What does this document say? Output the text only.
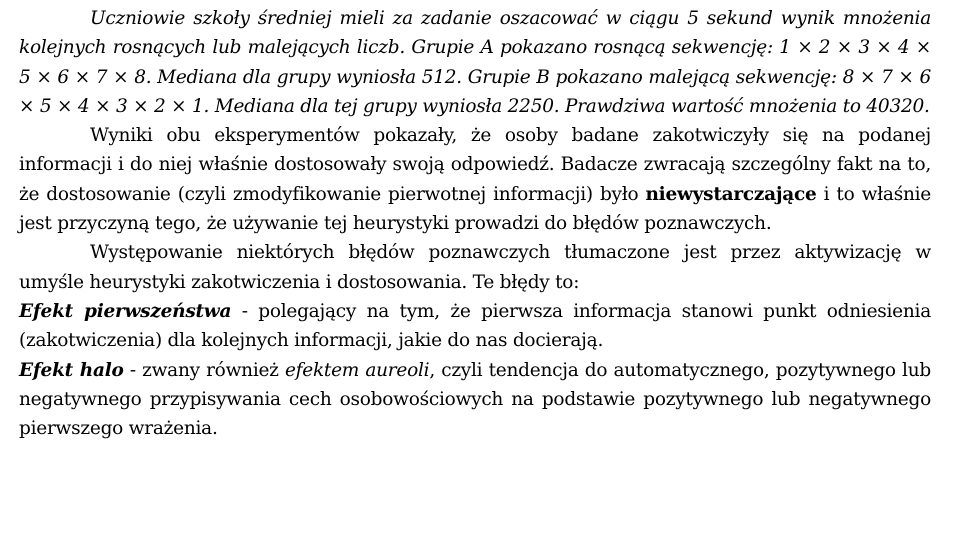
Uczniowie szkoły średniej mieli za zadanie oszacować w ciągu 5 sekund wynik mnożenia kolejnych rosnących lub malejących liczb. Grupie A pokazano rosnącą sekwencję: 1 × 2 × 3 × 4 × 5 × 6 × 7 × 8. Mediana dla grupy wyniosła 512. Grupie B pokazano malejącą sekwencję: 8 × 7 × 6 × 5 × 4 × 3 × 2 × 1. Mediana dla tej grupy wyniosła 2250. Prawdziwa wartość mnożenia to 40320.

Wyniki obu eksperymentów pokazały, że osoby badane zakotwiczyły się na podanej informacji i do niej właśnie dostosowały swoją odpowiedź. Badacze zwracają szczególny fakt na to, że dostosowanie (czyli zmodyfikowanie pierwotnej informacji) było niewystarczające i to właśnie jest przyczyną tego, że używanie tej heurystyki prowadzi do błędów poznawczych.

Występowanie niektórych błędów poznawczych tłumaczone jest przez aktywizację w umyśle heurystyki zakotwiczenia i dostosowania. Te błędy to:

Efekt pierwszeństwa - polegający na tym, że pierwsza informacja stanowi punkt odniesienia (zakotwiczenia) dla kolejnych informacji, jakie do nas docierają.

Efekt halo - zwany również efektem aureoli, czyli tendencja do automatycznego, pozytywnego lub negatywnego przypisywania cech osobowościowych na podstawie pozytywnego lub negatywnego pierwszego wrażenia.
